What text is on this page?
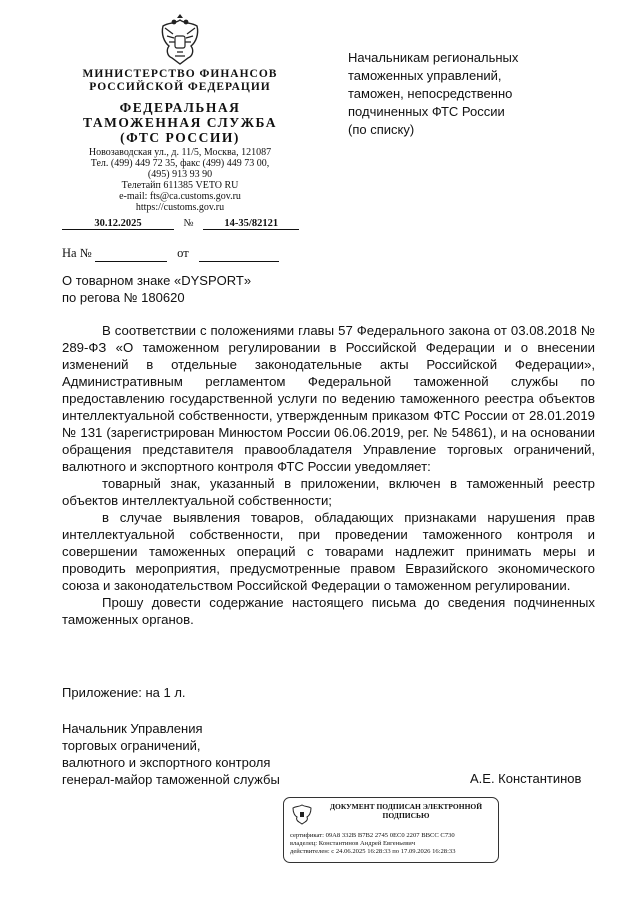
МИНИСТЕРСТВО ФИНАНСОВ
РОССИЙСКОЙ ФЕДЕРАЦИИ
ФЕДЕРАЛЬНАЯ
ТАМОЖЕННАЯ СЛУЖБА
(ФТС РОССИИ)
Новозаводская ул., д. 11/5, Москва, 121087
Тел. (499) 449 72 35, факс (499) 449 73 00,
(495) 913 93 90
Телетайп 611385 VETO RU
e-mail: fts@ca.customs.gov.ru
https://customs.gov.ru
30.12.2025	№	14-35/82121
На №	от
Начальникам региональных
таможенных управлений,
таможен, непосредственно
подчиненных ФТС России
(по списку)
О товарном знаке «DYSPORT»
по регова № 180620

В соответствии с положениями главы 57 Федерального закона от 03.08.2018 № 289-ФЗ «О таможенном регулировании в Российской Федерации и о внесении изменений в отдельные законодательные акты Российской Федерации», Административным регламентом Федеральной таможенной службы по предоставлению государственной услуги по ведению таможенного реестра объектов интеллектуальной собственности, утвержденным приказом ФТС России от 28.01.2019 № 131 (зарегистрирован Минюстом России 06.06.2019, рег. № 54861), и на основании обращения представителя правообладателя Управление торговых ограничений, валютного и экспортного контроля ФТС России уведомляет:

товарный знак, указанный в приложении, включен в таможенный реестр объектов интеллектуальной собственности;

в случае выявления товаров, обладающих признаками нарушения прав интеллектуальной собственности, при проведении таможенного контроля и совершении таможенных операций с товарами надлежит принимать меры и проводить мероприятия, предусмотренные правом Евразийского экономического союза и законодательством Российской Федерации о таможенном регулировании.

Прошу довести содержание настоящего письма до сведения подчиненных таможенных органов.

Приложение: на 1 л.
Начальник Управления
торговых ограничений,
валютного и экспортного контроля
генерал-майор таможенной службы	А.Е. Константинов
ДОКУМЕНТ ПОДПИСАН ЭЛЕКТРОННОЙ
ПОДПИСЬЮ
сертификат: 09A8 332B B7B2 2745 0EC0 2207 BBCC C730
владелец: Константинов Андрей Евгеньевич
действителен: с 24.06.2025 16:28:33 по 17.09.2026 16:28:33
